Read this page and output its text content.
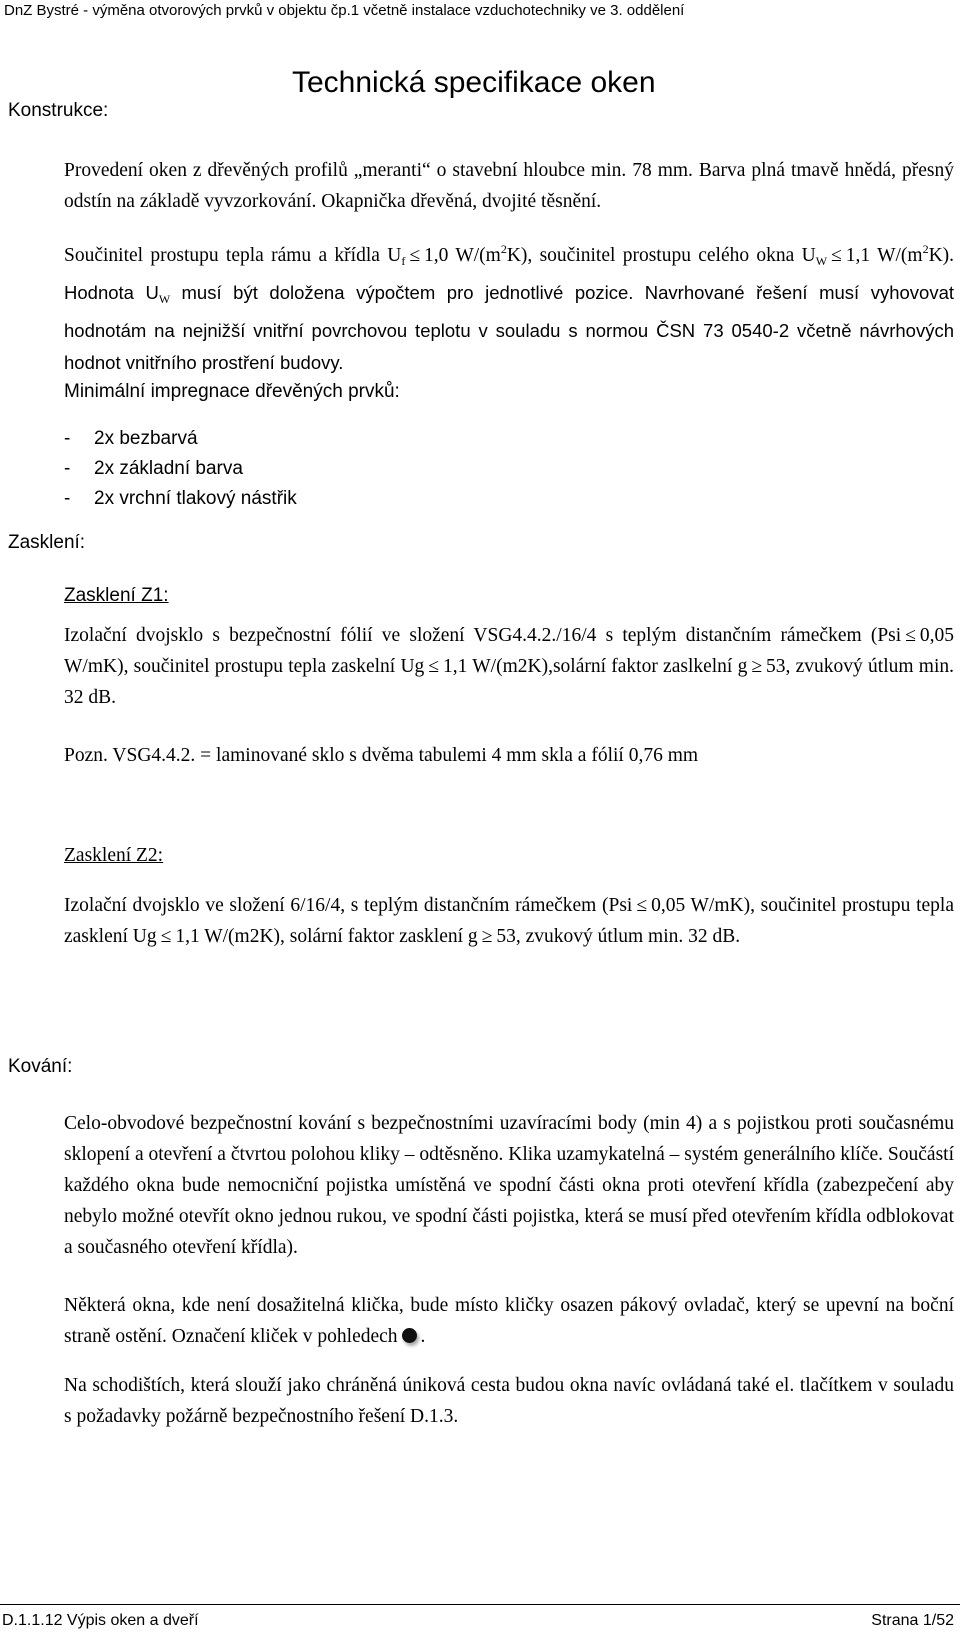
DnZ Bystré - výměna otvorových prvků v objektu čp.1 včetně instalace vzduchotechniky ve 3. oddělení
Konstrukce:
Technická specifikace oken
Provedení oken z dřevěných profilů „meranti“ o stavební hloubce min. 78 mm. Barva plná tmavě hnědá, přesný odstín na základě vyvzorkování. Okapnička dřevěná, dvojité těsnění.
Součinitel prostupu tepla rámu a křídla $U_f \le 1,0$ $W/(m^2K)$, součinitel prostupu celého okna $U_W \le 1,1$ $W/(m^2K)$. Hodnota $U_W$ musí být doložena výpočtem pro jednotlivé pozice. Navrhované řešení musí vyhovovat hodnotám na nejnižší vnitřní povrchovou teplotu v souladu s normou ČSN 73 0540-2 včetně návrhových hodnot vnitřního prostření budovy.
Minimální impregnace dřevěných prvků:
- 2x bezbarvá
- 2x základní barva
- 2x vrchní tlakový nástřik
Zasklení:
Zasklení Z1:
Izolační dvojsklo s bezpečnostní fólií ve složení VSG4.4.2./16/4 s teplým distančním rámečkem (Psi ≤ 0,05 W/mK), součinitel prostupu tepla zaskelní Ug ≤ 1,1 W/(m2K),solární faktor zaslkelní g ≥ 53, zvukový útlum min. 32 dB.
Pozn. VSG4.4.2. = laminované sklo s dvěma tabulemi 4 mm skla a fólií 0,76 mm
Zasklení Z2:
Izolační dvojsklo ve složení 6/16/4, s teplým distančním rámečkem (Psi ≤ 0,05 W/mK), součinitel prostupu tepla zasklení Ug ≤ 1,1 W/(m2K), solární faktor zasklení g ≥ 53, zvukový útlum min. 32 dB.
Kování:
Celo-obvodové bezpečnostní kování s bezpečnostními uzavíracími body (min 4) a s pojistkou proti současnému sklopení a otevření a čtvrtou polohou kliky – odtěsněno. Klika uzamykatelná – systém generálního klíče. Součástí každého okna bude nemocniční pojistka umístěná ve spodní části okna proti otevření křídla (zabezpečení aby nebylo možné otevřít okno jednou rukou, ve spodní části pojistka, která se musí před otevřením křídla odblokovat a současného otevření křídla).
Některá okna, kde není dosažitelná klička, bude místo kličky osazen pákový ovladač, který se upevní na boční straně ostění. Označení kliček v pohledech .
Na schodištích, která slouží jako chráněná úniková cesta budou okna navíc ovládaná také el. tlačítkem v souladu s požadavky požárně bezpečnostního řešení D.1.3.
D.1.1.12 Výpis oken a dveří	Strana 1/52
